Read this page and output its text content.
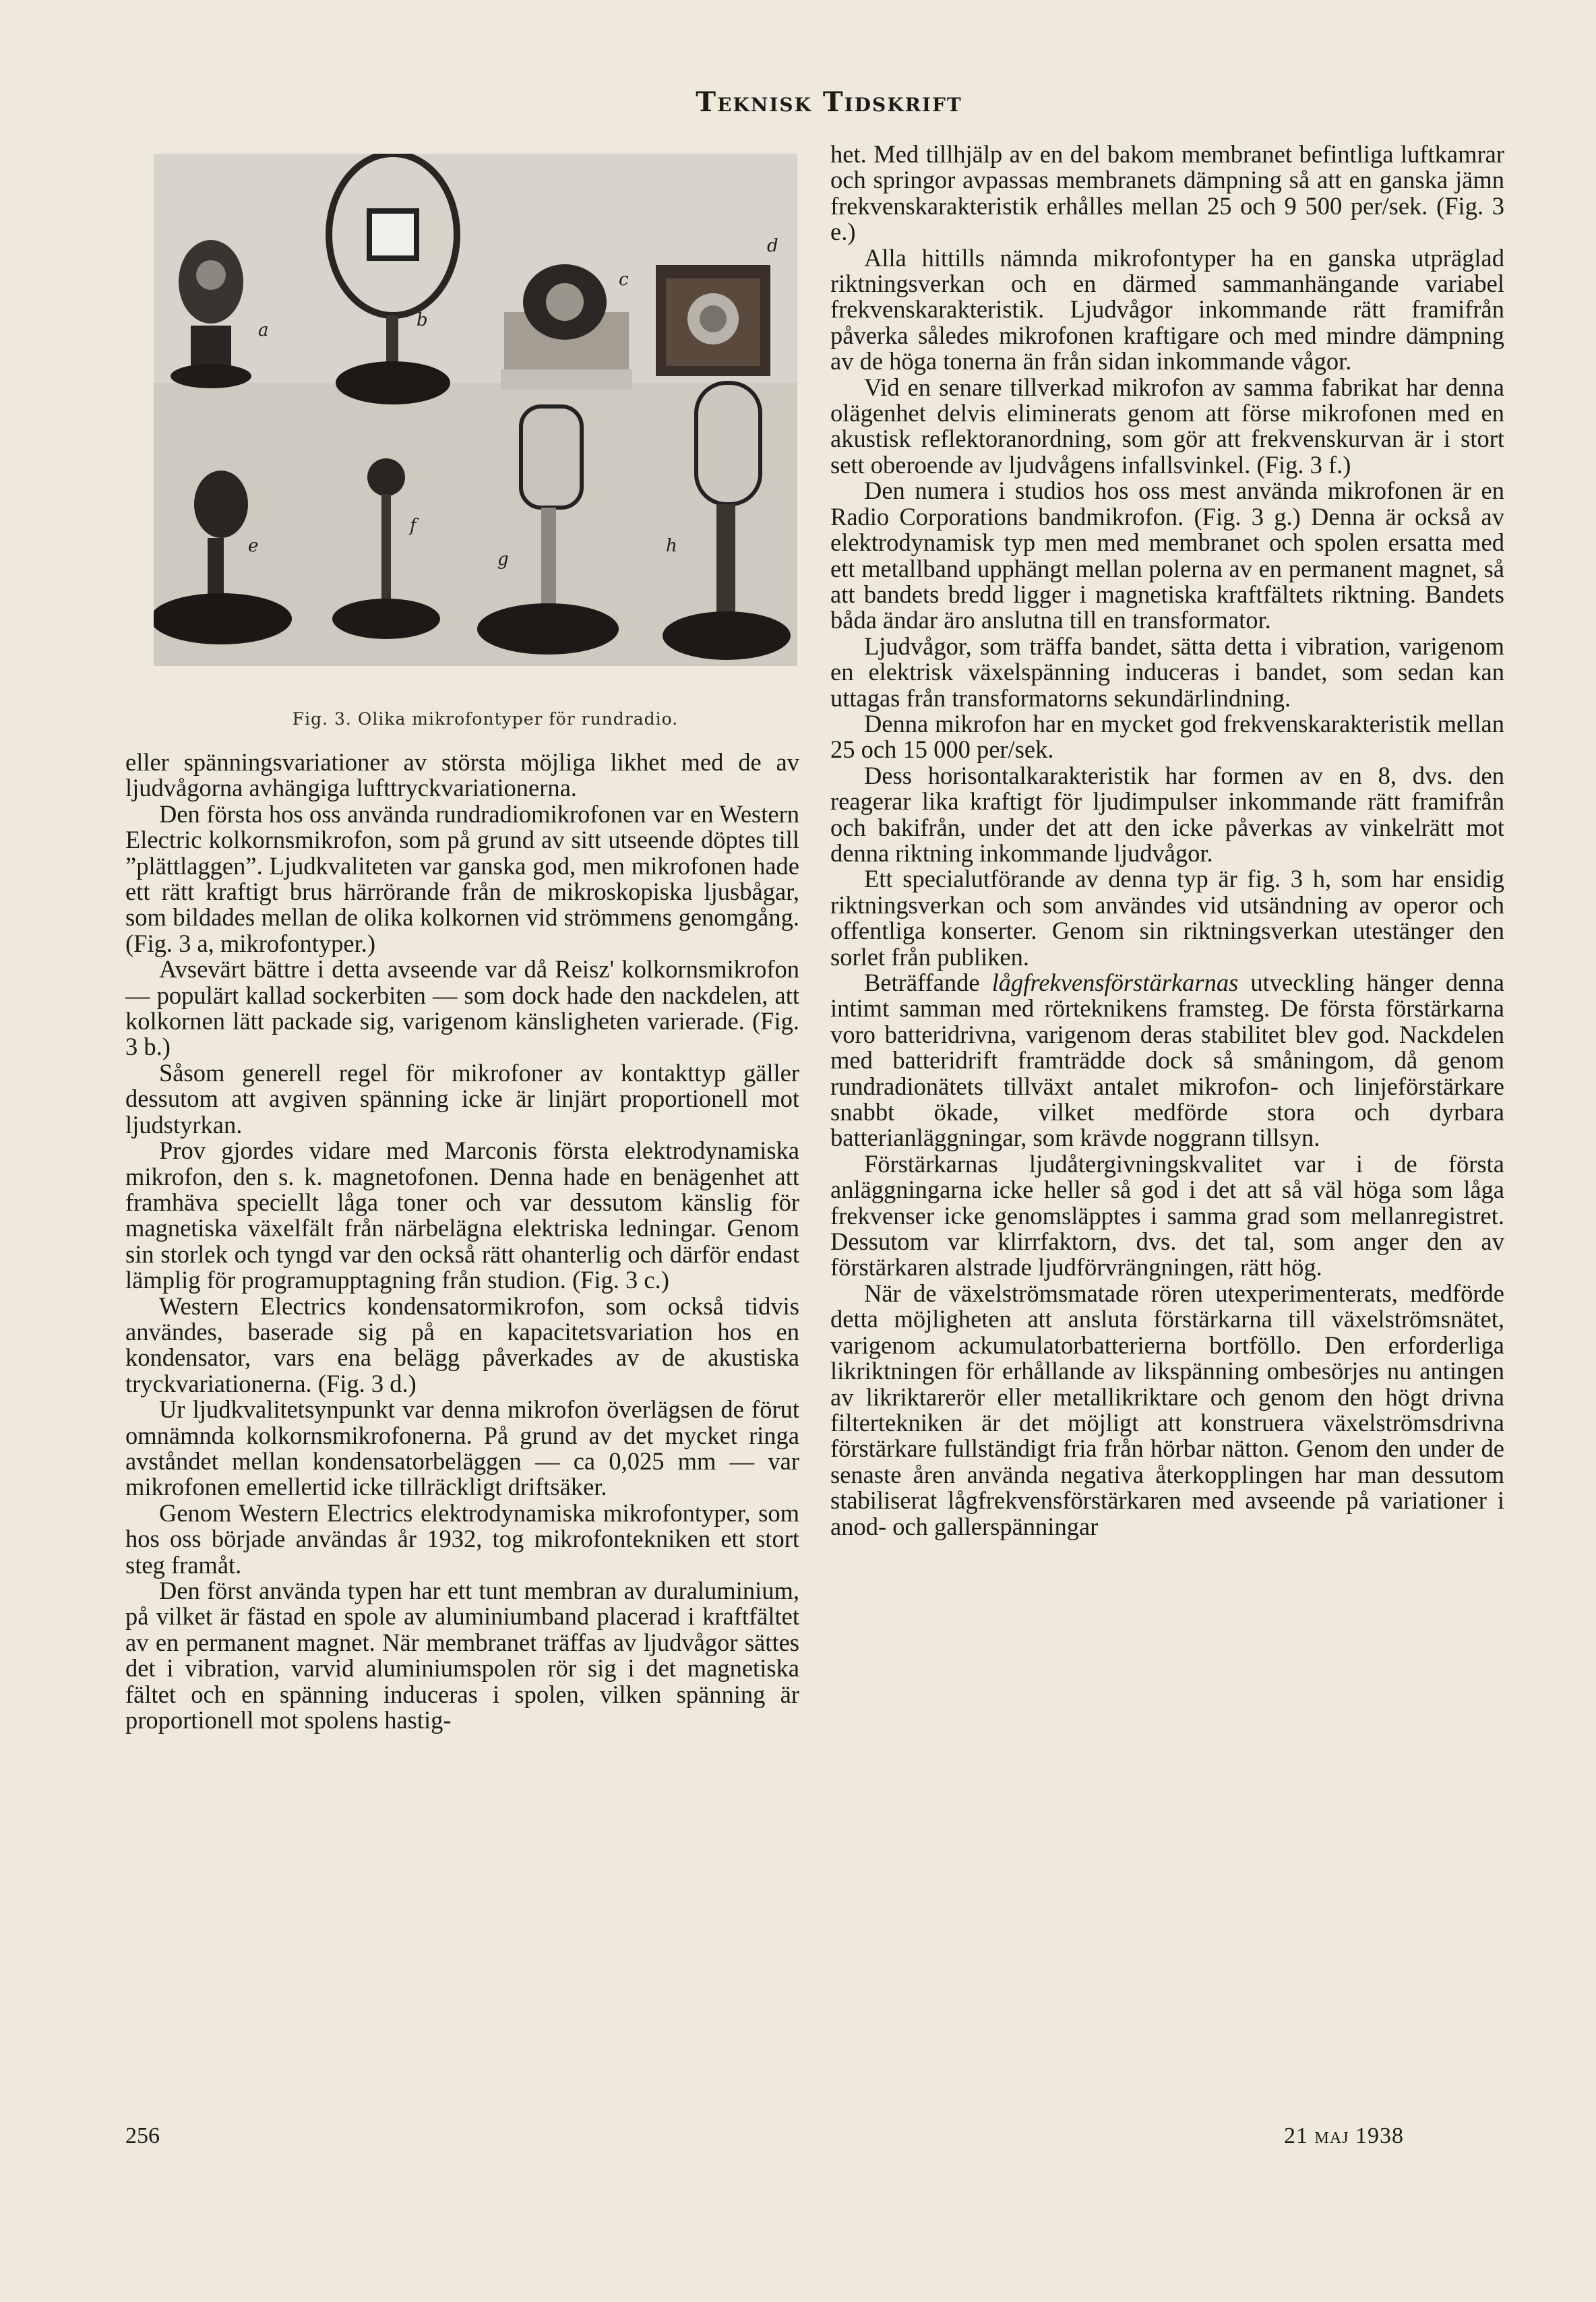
Teknisk Tidskrift
a	b
c
d
e
f
g
h
Fig. 3. Olika mikrofontyper för rundradio.

eller spänningsvariationer av största möjliga likhet med de av ljudvågorna avhängiga lufttryckvariationerna.

Den första hos oss använda rundradiomikrofonen var en Western Electric kolkornsmikrofon, som på grund av sitt utseende döptes till ”plättlaggen”. Ljudkvaliteten var ganska god, men mikrofonen hade ett rätt kraftigt brus härrörande från de mikroskopiska ljusbågar, som bildades mellan de olika kolkornen vid strömmens genomgång. (Fig. 3 a, mikrofontyper.)

Avsevärt bättre i detta avseende var då Reisz' kolkornsmikrofon — populärt kallad sockerbiten — som dock hade den nackdelen, att kolkornen lätt packade sig, varigenom känsligheten varierade. (Fig. 3 b.)

Såsom generell regel för mikrofoner av kontakttyp gäller dessutom att avgiven spänning icke är linjärt proportionell mot ljudstyrkan.

Prov gjordes vidare med Marconis första elektrodynamiska mikrofon, den s. k. magnetofonen. Denna hade en benägenhet att framhäva speciellt låga toner och var dessutom känslig för magnetiska växelfält från närbelägna elektriska ledningar. Genom sin storlek och tyngd var den också rätt ohanterlig och därför endast lämplig för programupptagning från studion. (Fig. 3 c.)

Western Electrics kondensatormikrofon, som också tidvis användes, baserade sig på en kapacitetsvariation hos en kondensator, vars ena belägg påverkades av de akustiska tryckvariationerna. (Fig. 3 d.)

Ur ljudkvalitetsynpunkt var denna mikrofon överlägsen de förut omnämnda kolkornsmikrofonerna. På grund av det mycket ringa avståndet mellan kondensatorbeläggen — ca 0,025 mm — var mikrofonen emellertid icke tillräckligt driftsäker.

Genom Western Electrics elektrodynamiska mikrofontyper, som hos oss började användas år 1932, tog mikrofontekniken ett stort steg framåt.

Den först använda typen har ett tunt membran av duraluminium, på vilket är fästad en spole av aluminiumband placerad i kraftfältet av en permanent magnet. När membranet träffas av ljudvågor sättes det i vibration, varvid aluminiumspolen rör sig i det magnetiska fältet och en spänning induceras i spolen, vilken spänning är proportionell mot spolens hastig-

het. Med tillhjälp av en del bakom membranet befintliga luftkamrar och springor avpassas membranets dämpning så att en ganska jämn frekvenskarakteristik erhålles mellan 25 och 9 500 per/sek. (Fig. 3 e.)

Alla hittills nämnda mikrofontyper ha en ganska utpräglad riktningsverkan och en därmed sammanhängande variabel frekvenskarakteristik. Ljudvågor inkommande rätt framifrån påverka således mikrofonen kraftigare och med mindre dämpning av de höga tonerna än från sidan inkommande vågor.

Vid en senare tillverkad mikrofon av samma fabrikat har denna olägenhet delvis eliminerats genom att förse mikrofonen med en akustisk reflektoranordning, som gör att frekvenskurvan är i stort sett oberoende av ljudvågens infallsvinkel. (Fig. 3 f.)

Den numera i studios hos oss mest använda mikrofonen är en Radio Corporations bandmikrofon. (Fig. 3 g.) Denna är också av elektrodynamisk typ men med membranet och spolen ersatta med ett metallband upphängt mellan polerna av en permanent magnet, så att bandets bredd ligger i magnetiska kraftfältets riktning. Bandets båda ändar äro anslutna till en transformator.

Ljudvågor, som träffa bandet, sätta detta i vibration, varigenom en elektrisk växelspänning induceras i bandet, som sedan kan uttagas från transformatorns sekundärlindning.

Denna mikrofon har en mycket god frekvenskarakteristik mellan 25 och 15 000 per/sek.

Dess horisontalkarakteristik har formen av en 8, dvs. den reagerar lika kraftigt för ljudimpulser inkommande rätt framifrån och bakifrån, under det att den icke påverkas av vinkelrätt mot denna riktning inkommande ljudvågor.

Ett specialutförande av denna typ är fig. 3 h, som har ensidig riktningsverkan och som användes vid utsändning av operor och offentliga konserter. Genom sin riktningsverkan utestänger den sorlet från publiken.

Beträffande lågfrekvensförstärkarnas utveckling hänger denna intimt samman med rörteknikens framsteg. De första förstärkarna voro batteridrivna, varigenom deras stabilitet blev god. Nackdelen med batteridrift framträdde dock så småningom, då genom rundradionätets tillväxt antalet mikrofon- och linjeförstärkare snabbt ökade, vilket medförde stora och dyrbara batterianläggningar, som krävde noggrann tillsyn.

Förstärkarnas ljudåtergivningskvalitet var i de första anläggningarna icke heller så god i det att så väl höga som låga frekvenser icke genomsläpptes i samma grad som mellanregistret. Dessutom var klirrfaktorn, dvs. det tal, som anger den av förstärkaren alstrade ljudförvrängningen, rätt hög.

När de växelströmsmatade rören utexperimenterats, medförde detta möjligheten att ansluta förstärkarna till växelströmsnätet, varigenom ackumulatorbatterierna bortföllo. Den erforderliga likriktningen för erhållande av likspänning ombesörjes nu antingen av likriktarerör eller metallikriktare och genom den högt drivna filtertekniken är det möjligt att konstruera växelströmsdrivna förstärkare fullständigt fria från hörbar nätton. Genom den under de senaste åren använda negativa återkopplingen har man dessutom stabiliserat lågfrekvensförstärkaren med avseende på variationer i anod- och gallerspänningar

256	21 maj 1938
